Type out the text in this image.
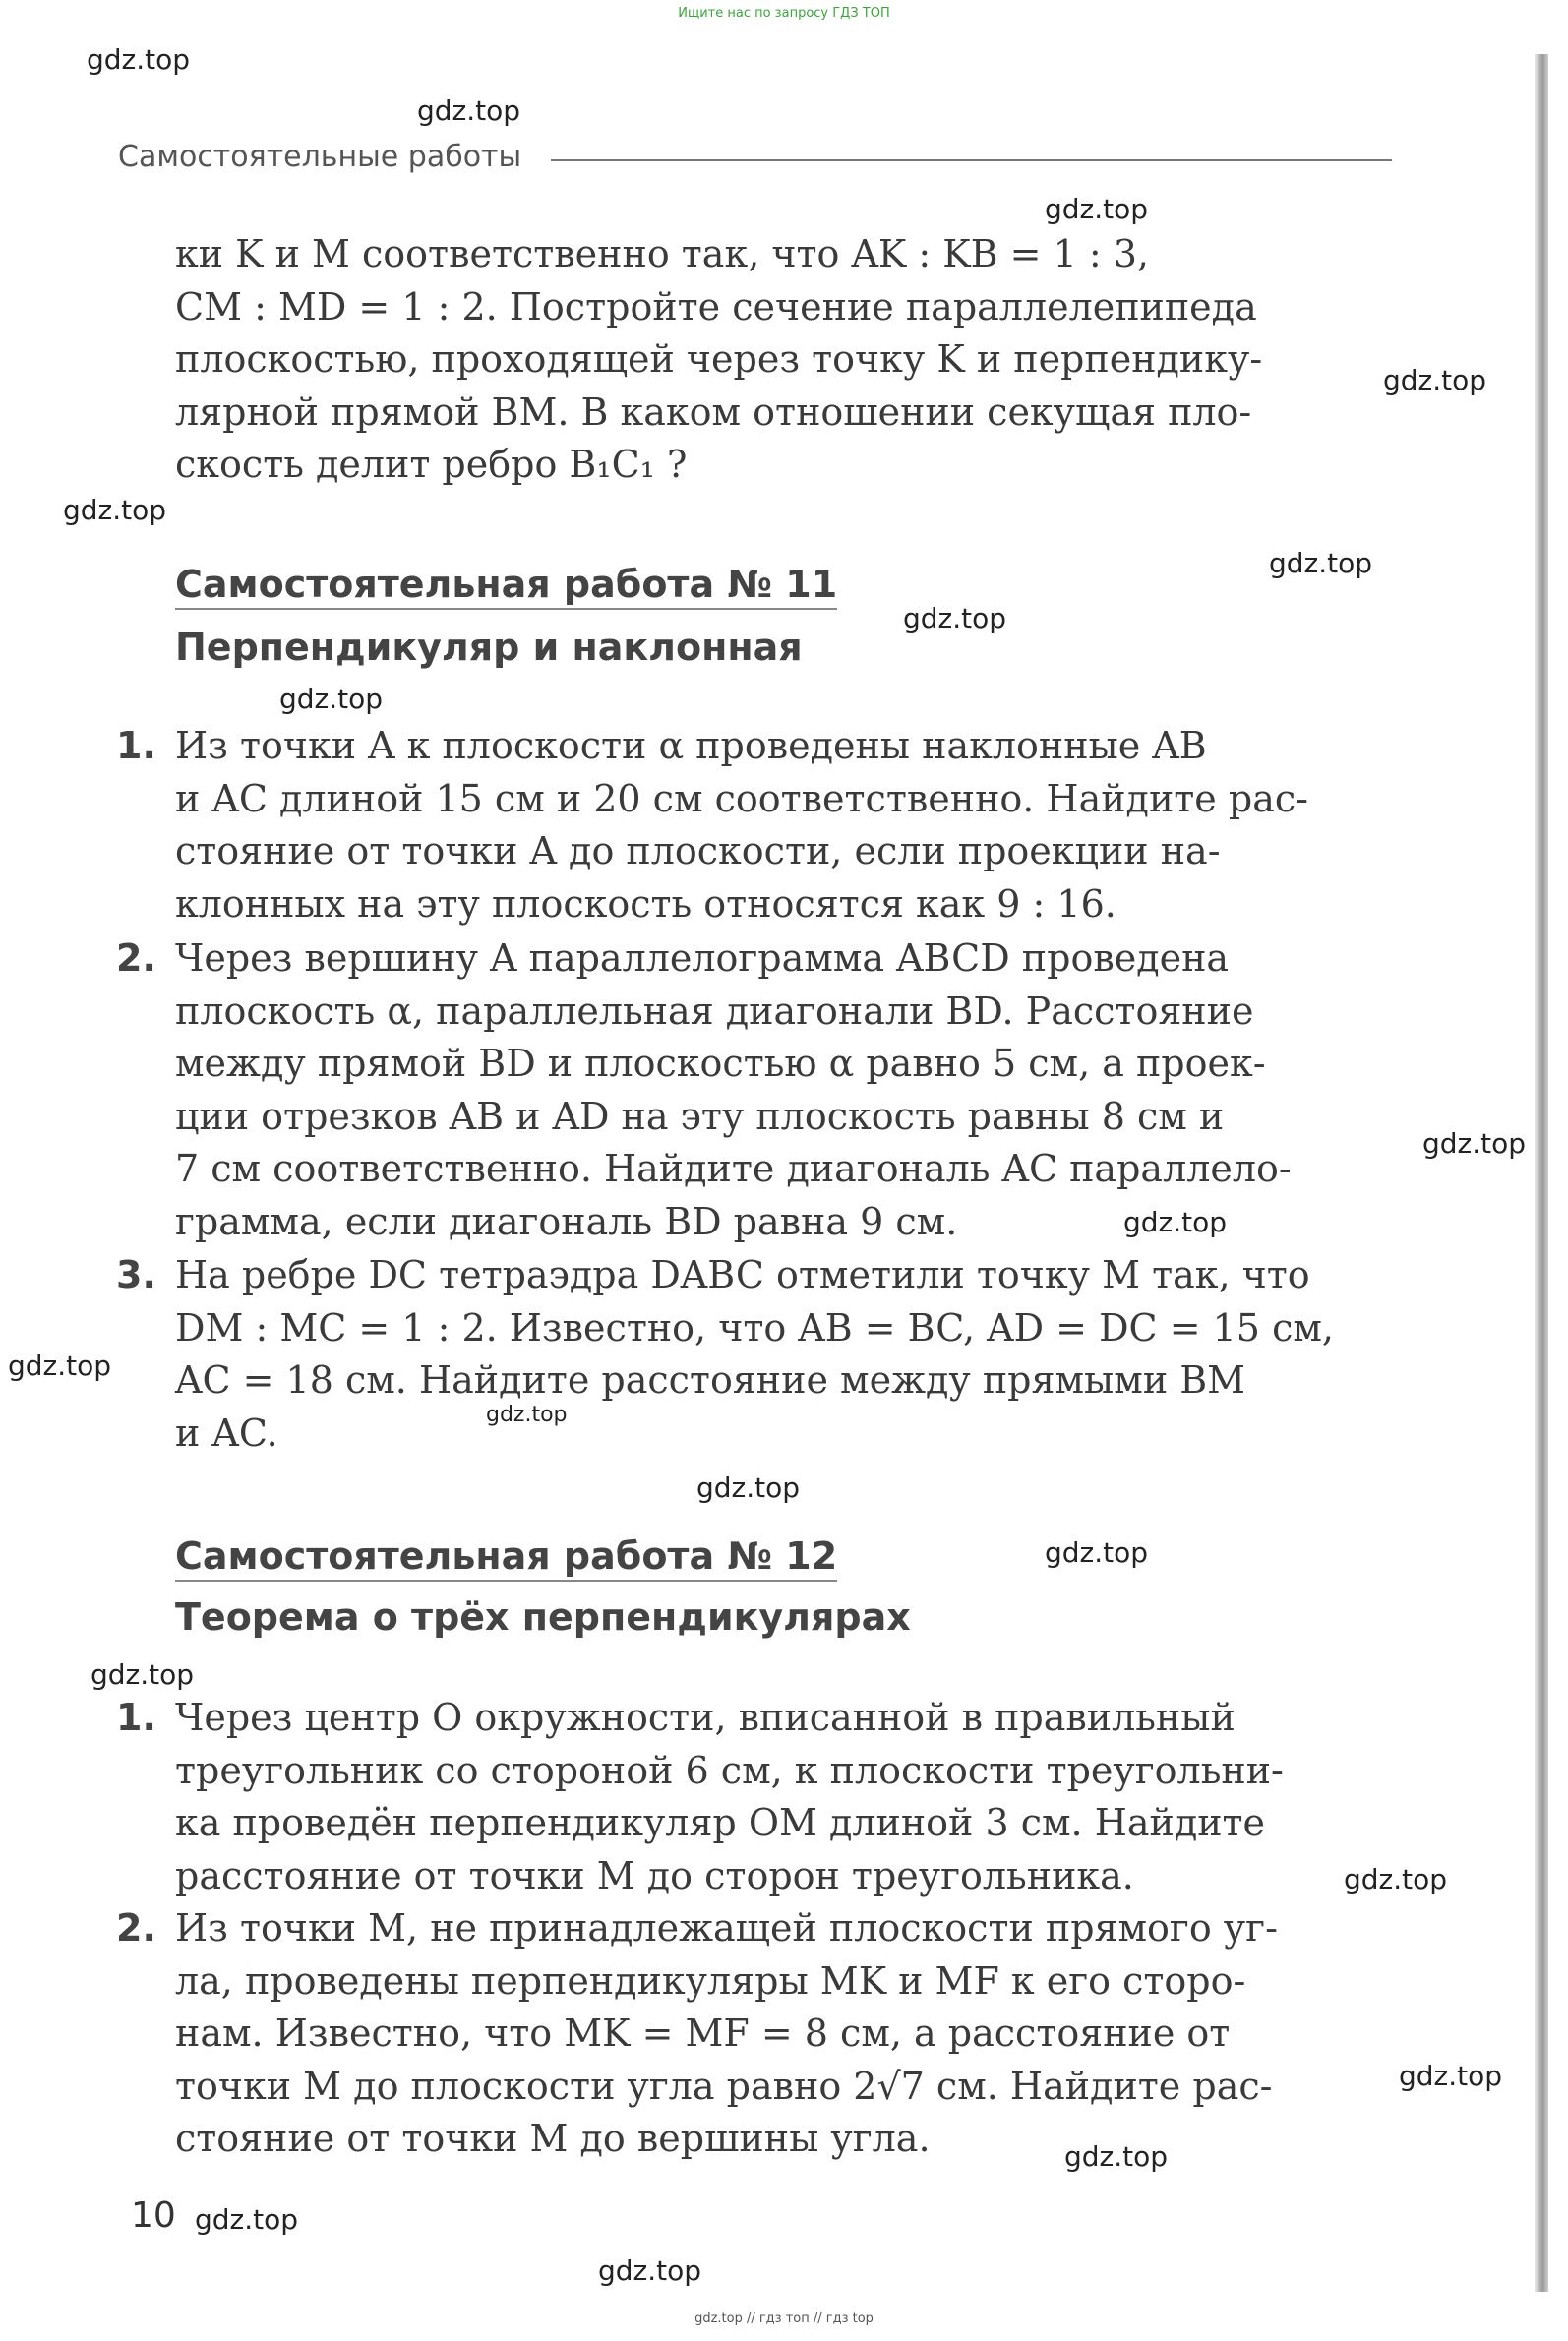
Ищите нас по запросу ГДЗ ТОП
Самостоятельные работы
ки K и M соответственно так, что AK : KB = 1 : 3,
CM : MD = 1 : 2. Постройте сечение параллелепипеда
плоскостью, проходящей через точку K и перпендику-
лярной прямой BM. В каком отношении секущая пло-
скость делит ребро B₁C₁ ?
Самостоятельная работа № 11
Перпендикуляр и наклонная
1. Из точки A к плоскости α проведены наклонные AB
и AC длиной 15 см и 20 см соответственно. Найдите рас-
стояние от точки A до плоскости, если проекции на-
клонных на эту плоскость относятся как 9 : 16.
2. Через вершину A параллелограмма ABCD проведена
плоскость α, параллельная диагонали BD. Расстояние
между прямой BD и плоскостью α равно 5 см, а проек-
ции отрезков AB и AD на эту плоскость равны 8 см и
7 см соответственно. Найдите диагональ AC параллело-
грамма, если диагональ BD равна 9 см.
3. На ребре DC тетраэдра DABC отметили точку M так, что
DM : MC = 1 : 2. Известно, что AB = BC, AD = DC = 15 см,
AC = 18 см. Найдите расстояние между прямыми BM
и AC.
Самостоятельная работа № 12
Теорема о трёх перпендикулярах
1. Через центр O окружности, вписанной в правильный
треугольник со стороной 6 см, к плоскости треугольни-
ка проведён перпендикуляр OM длиной 3 см. Найдите
расстояние от точки M до сторон треугольника.
2. Из точки M, не принадлежащей плоскости прямого уг-
ла, проведены перпендикуляры MK и MF к его сторо-
нам. Известно, что MK = MF = 8 см, а расстояние от
точки M до плоскости угла равно 2√7 см. Найдите рас-
стояние от точки M до вершины угла.
10
gdz.top
gdz.top
gdz.top
gdz.top
gdz.top
gdz.top
gdz.top
gdz.top
gdz.top
gdz.top
gdz.top
gdz.top
gdz.top
gdz.top
gdz.top
gdz.top
gdz.top
gdz.top
gdz.top
gdz.top
gdz.top // гдз топ // гдз top
